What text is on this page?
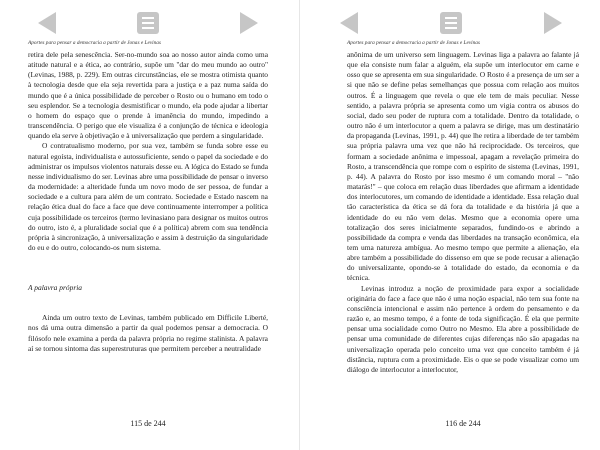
Aportes para pensar a democracia a partir de Jonas e Levinas

retira dele pela senescência. Ser-no-mundo soa ao nosso autor ainda como uma atitude natural e a ética, ao contrário, supõe um "dar do meu mundo ao outro" (Levinas, 1988, p. 229). Em outras circunstâncias, ele se mostra otimista quanto à tecnologia desde que ela seja revertida para a justiça e a paz numa saída do mundo que é a única possibilidade de perceber o Rosto ou o humano em todo o seu esplendor. Se a tecnologia desmistificar o mundo, ela pode ajudar a libertar o homem do espaço que o prende à imanência do mundo, impedindo a transcendência. O perigo que ele visualiza é a conjunção de técnica e ideologia quando ela serve à objetivação e à universalização que perdem a singularidade.

O contratualismo moderno, por sua vez, também se funda sobre esse eu natural egoísta, individualista e autossuficiente, sendo o papel da sociedade e do administrar os impulsos violentos naturais desse eu. A lógica do Estado se funda nesse individualismo do ser. Levinas abre uma possibilidade de pensar o inverso da modernidade: a alteridade funda um novo modo de ser pessoa, de fundar a sociedade e a cultura para além de um contrato. Sociedade e Estado nascem na relação ética dual do face a face que deve continuamente interromper a política cuja possibilidade os terceiros (termo levinasiano para designar os muitos outros do outro, isto é, a pluralidade social que é a política) abrem com sua tendência própria à sincronização, à universalização e assim à destruição da singularidade do eu e do outro, colocando-os num sistema.

A palavra própria

Ainda um outro texto de Levinas, também publicado em Difficile Liberté, nos dá uma outra dimensão a partir da qual podemos pensar a democracia. O filósofo nele examina a perda da palavra própria no regime stalinista. A palavra aí se tornou sintoma das superestruturas que permitem perceber a neutralidade

115 de 244
Aportes para pensar a democracia a partir de Jonas e Levinas

anônima de um universo sem linguagem. Levinas liga a palavra ao falante já que ela consiste num falar a alguém, ela supõe um interlocutor em carne e osso que se apresenta em sua singularidade. O Rosto é a presença de um ser a si que não se define pelas semelhanças que possua com relação aos muitos outros. É a linguagem que revela o que ele tem de mais peculiar. Nesse sentido, a palavra própria se apresenta como um vigia contra os abusos do social, dado seu poder de ruptura com a totalidade. Dentro da totalidade, o outro não é um interlocutor a quem a palavra se dirige, mas um destinatário da propaganda (Levinas, 1991, p. 44) que lhe retira a liberdade de ter também sua própria palavra uma vez que não há reciprocidade. Os terceiros, que formam a sociedade anônima e impessoal, apagam a revelação primeira do Rosto, a transcendência que rompe com o espírito de sistema (Levinas, 1991, p. 44). A palavra do Rosto por isso mesmo é um comando moral – "não matarás!" – que coloca em relação duas liberdades que afirmam a identidade dos interlocutores, um comando de identidade a identidade. Essa relação dual tão característica da ética se dá fora da totalidade e da história já que a identidade do eu não vem delas. Mesmo que a economia opere uma totalização dos seres inicialmente separados, fundindo-os e abrindo a possibilidade da compra e venda das liberdades na transação econômica, ela tem uma natureza ambígua. Ao mesmo tempo que permite a alienação, ela abre também a possibilidade do dissenso em que se pode recusar a alienação do universalizante, opondo-se à totalidade do estado, da economia e da técnica.

Levinas introduz a noção de proximidade para expor a socialidade originária do face a face que não é uma noção espacial, não tem sua fonte na consciência intencional e assim não pertence à ordem do pensamento e da razão e, ao mesmo tempo, é a fonte de toda significação. É ela que permite pensar uma socialidade como Outro no Mesmo. Ela abre a possibilidade de pensar uma comunidade de diferentes cujas diferenças não são apagadas na universalização operada pelo conceito uma vez que conceito também é já distância, ruptura com a proximidade. Eis o que se pode visualizar como um diálogo de interlocutor a interlocutor,

116 de 244
